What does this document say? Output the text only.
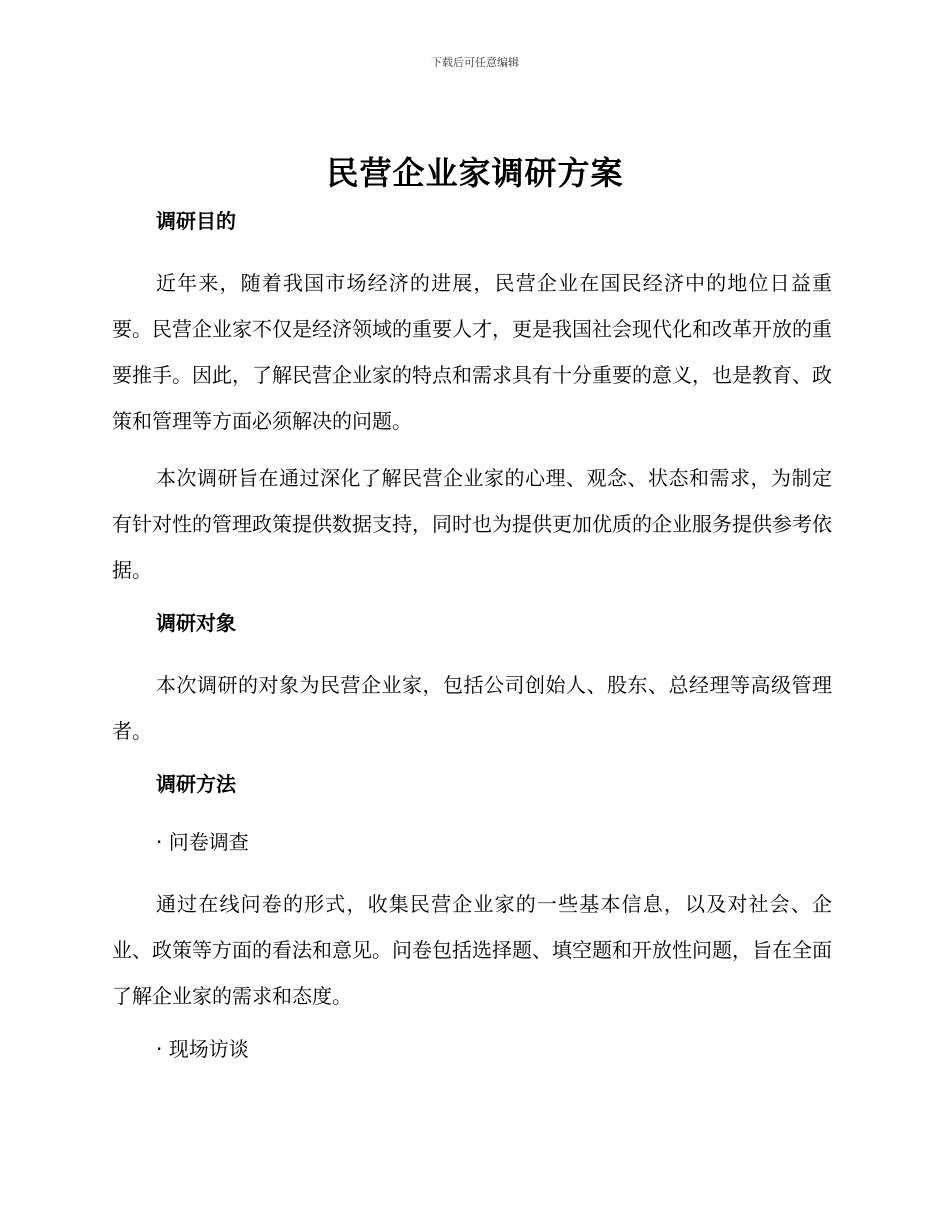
下载后可任意编辑
民营企业家调研方案
调研目的

近年来，随着我国市场经济的进展，民营企业在国民经济中的地位日益重要。民营企业家不仅是经济领域的重要人才，更是我国社会现代化和改革开放的重要推手。因此，了解民营企业家的特点和需求具有十分重要的意义，也是教育、政策和管理等方面必须解决的问题。

本次调研旨在通过深化了解民营企业家的心理、观念、状态和需求，为制定有针对性的管理政策提供数据支持，同时也为提供更加优质的企业服务提供参考依据。

调研对象

本次调研的对象为民营企业家，包括公司创始人、股东、总经理等高级管理者。

调研方法
· 问卷调查

通过在线问卷的形式，收集民营企业家的一些基本信息，以及对社会、企业、政策等方面的看法和意见。问卷包括选择题、填空题和开放性问题，旨在全面了解企业家的需求和态度。

· 现场访谈
